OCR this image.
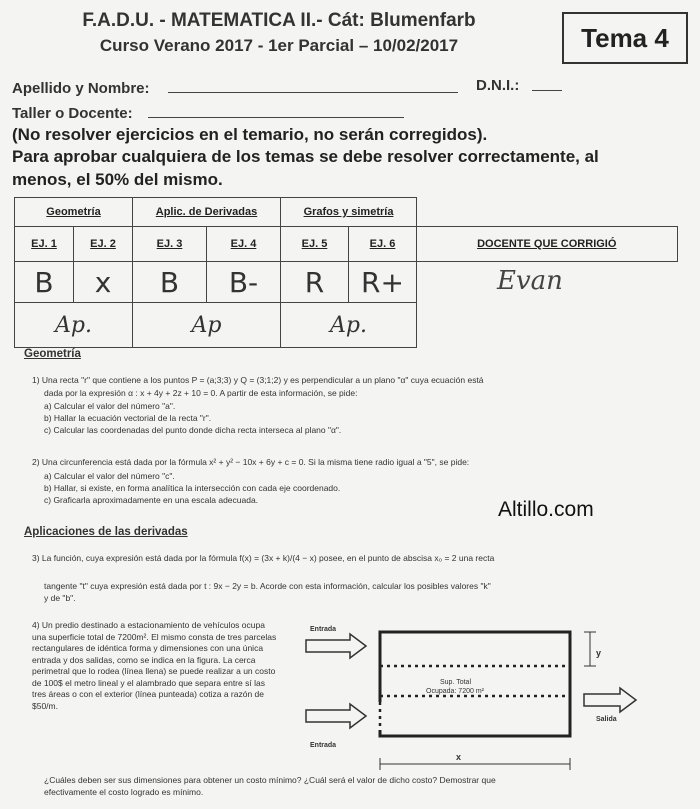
F.A.D.U. - MATEMATICA II.- Cát: Blumenfarb
Curso Verano 2017 - 1er Parcial – 10/02/2017	Tema 4
Apellido y Nombre:	D.N.I.:
Taller o Docente:
(No resolver ejercicios en el temario, no serán corregidos).
Para aprobar cualquiera de los temas se debe resolver correctamente, al
menos, el 50% del mismo.
Geometría		Aplic. de Derivadas		Grafos y simetría		
EJ. 1	EJ. 2	EJ. 3	EJ. 4	EJ. 5	EJ. 6	DOCENTE QUE CORRIGIÓ
B	x	B	B-	R	R+	Evan
Ap.		Ap		Ap.		
Geometría
1) Una recta "r" que contiene a los puntos P = (a;3;3) y Q = (3;1;2) y es perpendicular a un plano "α" cuya ecuación está
dada por la expresión α : x + 4y + 2z + 10 = 0. A partir de esta información, se pide:
a) Calcular el valor del número "a".
b) Hallar la ecuación vectorial de la recta "r".
c) Calcular las coordenadas del punto donde dicha recta interseca al plano "α".
2) Una circunferencia está dada por la fórmula x² + y² − 10x + 6y + c = 0. Si la misma tiene radio igual a "5", se pide:
a) Calcular el valor del número "c".
b) Hallar, si existe, en forma analítica la intersección con cada eje coordenado.
c) Graficarla aproximadamente en una escala adecuada.	Altillo.com
Aplicaciones de las derivadas
3) La función, cuya expresión está dada por la fórmula f(x) = (3x + k)/(4 − x) posee, en el punto de abscisa x₀ = 2 una recta
tangente "t" cuya expresión está dada por t : 9x − 2y = b. Acorde con esta información, calcular los posibles valores "k"
y de "b".
4) Un predio destinado a estacionamiento de vehículos ocupa una superficie total de 7200m². El mismo consta de tres parcelas rectangulares de idéntica forma y dimensiones con una única entrada y dos salidas, como se indica en la figura. La cerca perimetral que lo rodea (línea llena) se puede realizar a un costo de 100$ el metro lineal y el alambrado que separa entre sí las tres áreas o con el exterior (línea punteada) cotiza a razón de $50/m.
Entrada
Entrada
Salida
Sup. Total
Ocupada: 7200 m²
y
x
¿Cuáles deben ser sus dimensiones para obtener un costo mínimo? ¿Cuál será el valor de dicho costo? Demostrar que
efectivamente el costo logrado es mínimo.
